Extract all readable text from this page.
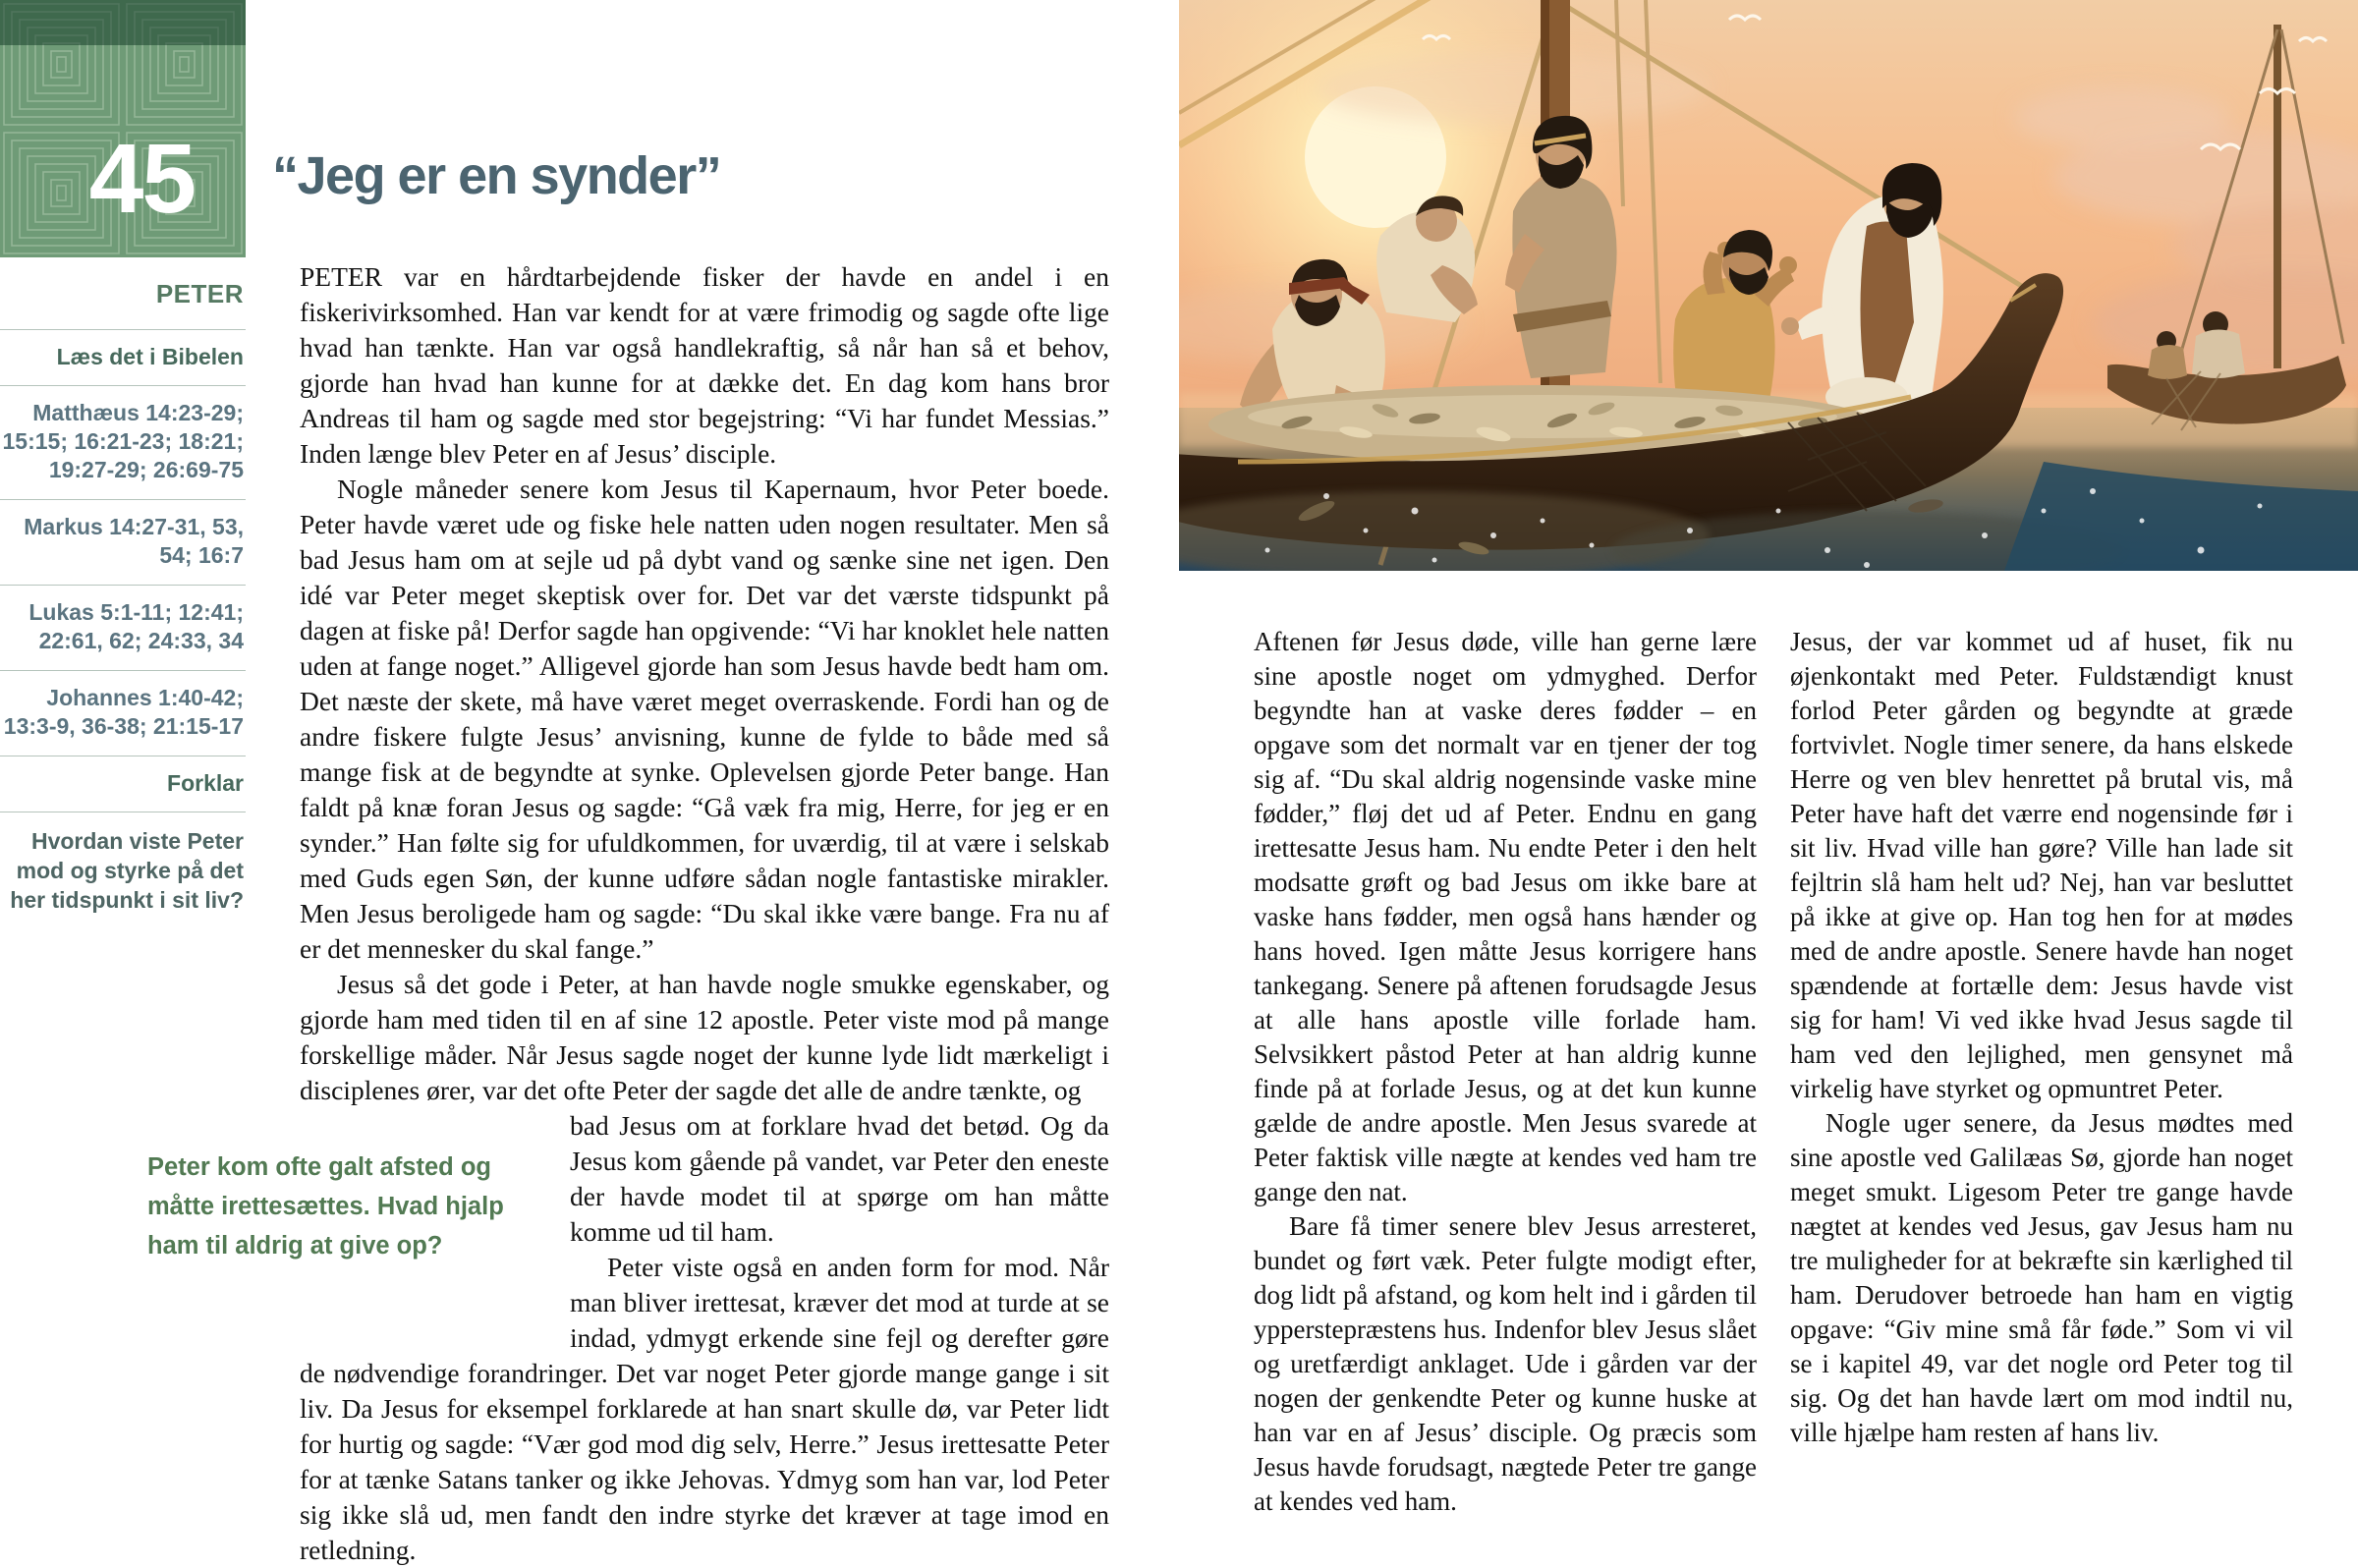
45
PETER
Læs det i Bibelen
Matthæus 14:23-29; 15:15; 16:21-23; 18:21; 19:27-29; 26:69-75
Markus 14:27-31, 53, 54; 16:7
Lukas 5:1-11; 12:41; 22:61, 62; 24:33, 34
Johannes 1:40-42; 13:3-9, 36-38; 21:15-17
Forklar
Hvordan viste Peter mod og styrke på det her tidspunkt i sit liv?
“Jeg er en synder”

PETER var en hårdtarbejdende fisker der havde en andel i en fiskerivirksomhed. Han var kendt for at være frimodig og sagde ofte lige hvad han tænkte. Han var også handlekraftig, så når han så et behov, gjorde han hvad han kunne for at dække det. En dag kom hans bror Andreas til ham og sagde med stor begejstring: “Vi har fundet Messias.” Inden længe blev Peter en af Jesus’ disciple.

Nogle måneder senere kom Jesus til Kapernaum, hvor Peter boede. Peter havde været ude og fiske hele natten uden nogen resultater. Men så bad Jesus ham om at sejle ud på dybt vand og sænke sine net igen. Den idé var Peter meget skeptisk over for. Det var det værste tidspunkt på dagen at fiske på! Derfor sagde han opgivende: “Vi har knoklet hele natten uden at fange noget.” Alligevel gjorde han som Jesus havde bedt ham om. Det næste der skete, må have været meget overraskende. Fordi han og de andre fiskere fulgte Jesus’ anvisning, kunne de fylde to både med så mange fisk at de begyndte at synke. Oplevelsen gjorde Peter bange. Han faldt på knæ foran Jesus og sagde: “Gå væk fra mig, Herre, for jeg er en synder.” Han følte sig for ufuldkommen, for uværdig, til at være i selskab med Guds egen Søn, der kunne udføre sådan nogle fantastiske mirakler. Men Jesus beroligede ham og sagde: “Du skal ikke være bange. Fra nu af er det mennesker du skal fange.”

Jesus så det gode i Peter, at han havde nogle smukke egenskaber, og gjorde ham med tiden til en af sine 12 apostle. Peter viste mod på mange forskellige måder. Når Jesus sagde noget der kunne lyde lidt mærkeligt i disciplenes ører, var det ofte Peter der sagde det alle de andre tænkte, og

Peter kom ofte galt afsted og måtte irettesættes. Hvad hjalp ham til aldrig at give op?
bad Jesus om at forklare hvad det betød. Og da Jesus kom gående på vandet, var Peter den eneste der havde modet til at spørge om han måtte komme ud til ham.

Peter viste også en anden form for mod. Når man bliver irettesat, kræver det mod at turde at se indad, ydmygt erkende sine fejl og derefter gøre de nødvendige forandringer. Det var noget Peter gjorde mange gange i sit liv. Da Jesus for eksempel forklarede at han snart skulle dø, var Peter lidt for hurtig og sagde: “Vær god mod dig selv, Herre.” Jesus irettesatte Peter for at tænke Satans tanker og ikke Jehovas. Ydmyg som han var, lod Peter sig ikke slå ud, men fandt den indre styrke det kræver at tage imod en retledning.

Aftenen før Jesus døde, ville han gerne lære sine apostle noget om ydmyghed. Derfor begyndte han at vaske deres fødder – en opgave som det normalt var en tjener der tog sig af. “Du skal aldrig nogensinde vaske mine fødder,” fløj det ud af Peter. Endnu en gang irettesatte Jesus ham. Nu endte Peter i den helt modsatte grøft og bad Jesus om ikke bare at vaske hans fødder, men også hans hænder og hans hoved. Igen måtte Jesus korrigere hans tankegang. Senere på aftenen forudsagde Jesus at alle hans apostle ville forlade ham. Selvsikkert påstod Peter at han aldrig kunne finde på at forlade Jesus, og at det kun kunne gælde de andre apostle. Men Jesus svarede at Peter faktisk ville nægte at kendes ved ham tre gange den nat.

Bare få timer senere blev Jesus arresteret, bundet og ført væk. Peter fulgte modigt efter, dog lidt på afstand, og kom helt ind i gården til ypperstepræstens hus. Indenfor blev Jesus slået og uretfærdigt anklaget. Ude i gården var der nogen der genkendte Peter og kunne huske at han var en af Jesus’ disciple. Og præcis som Jesus havde forudsagt, nægtede Peter tre gange at kendes ved ham.

Jesus, der var kommet ud af huset, fik nu øjenkontakt med Peter. Fuldstændigt knust forlod Peter gården og begyndte at græde fortvivlet. Nogle timer senere, da hans elskede Herre og ven blev henrettet på brutal vis, må Peter have haft det værre end nogensinde før i sit liv. Hvad ville han gøre? Ville han lade sit fejltrin slå ham helt ud? Nej, han var besluttet på ikke at give op. Han tog hen for at mødes med de andre apostle. Senere havde han noget spændende at fortælle dem: Jesus havde vist sig for ham! Vi ved ikke hvad Jesus sagde til ham ved den lejlighed, men gensynet må virkelig have styrket og opmuntret Peter.

Nogle uger senere, da Jesus mødtes med sine apostle ved Galilæas Sø, gjorde han noget meget smukt. Ligesom Peter tre gange havde nægtet at kendes ved Jesus, gav Jesus ham nu tre muligheder for at bekræfte sin kærlighed til ham. Derudover betroede han ham en vigtig opgave: “Giv mine små får føde.” Som vi vil se i kapitel 49, var det nogle ord Peter tog til sig. Og det han havde lært om mod indtil nu, ville hjælpe ham resten af hans liv.
